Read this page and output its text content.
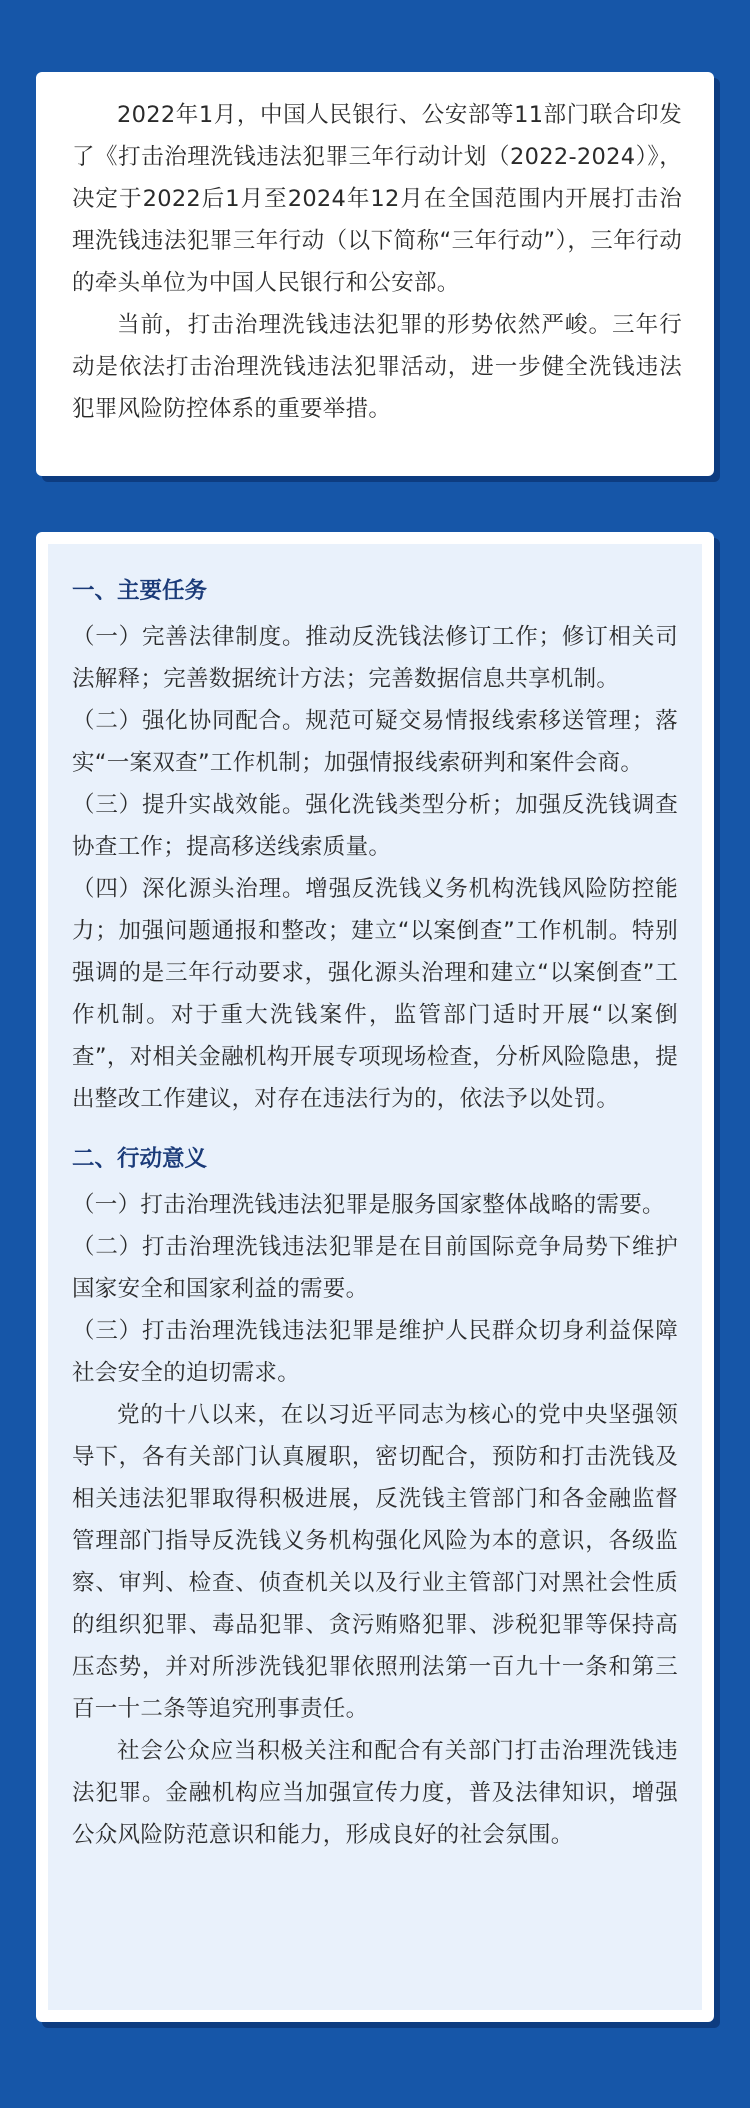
2022年1月，中国人民银行、公安部等11部门联合印发了《打击治理洗钱违法犯罪三年行动计划（2022-2024）》，决定于2022后1月至2024年12月在全国范围内开展打击治理洗钱违法犯罪三年行动（以下简称“三年行动”），三年行动的牵头单位为中国人民银行和公安部。

当前，打击治理洗钱违法犯罪的形势依然严峻。三年行动是依法打击治理洗钱违法犯罪活动，进一步健全洗钱违法 犯罪风险防控体系的重要举措。

一、主要任务

（一）完善法律制度。推动反洗钱法修订工作；修订相关司法解释；完善数据统计方法；完善数据信息共享机制。

（二）强化协同配合。规范可疑交易情报线索移送管理；落实“一案双查”工作机制；加强情报线索研判和案件会商。

（三）提升实战效能。强化洗钱类型分析；加强反洗钱调查协查工作；提高移送线索质量。

（四）深化源头治理。增强反洗钱义务机构洗钱风险防控能力；加强问题通报和整改；建立“以案倒查”工作机制。特别强调的是三年行动要求，强化源头治理和建立“以案倒查”工作机制。对于重大洗钱案件，监管部门适时开展“以案倒查”，对相关金融机构开展专项现场检查，分析风险隐患，提出整改工作建议，对存在违法行为的，依法予以处罚。

二、行动意义

（一）打击治理洗钱违法犯罪是服务国家整体战略的需要。

（二）打击治理洗钱违法犯罪是在目前国际竞争局势下维护国家安全和国家利益的需要。

（三）打击治理洗钱违法犯罪是维护人民群众切身利益保障社会安全的迫切需求。

党的十八以来，在以习近平同志为核心的党中央坚强领导下，各有关部门认真履职，密切配合，预防和打击洗钱及相关违法犯罪取得积极进展，反洗钱主管部门和各金融监督管理部门指导反洗钱义务机构强化风险为本的意识，各级监察、审判、检查、侦查机关以及行业主管部门对黑社会性质的组织犯罪、毒品犯罪、贪污贿赂犯罪、涉税犯罪等保持高压态势，并对所涉洗钱犯罪依照刑法第一百九十一条和第三百一十二条等追究刑事责任。

社会公众应当积极关注和配合有关部门打击治理洗钱违法犯罪。金融机构应当加强宣传力度，普及法律知识，增强公众风险防范意识和能力，形成良好的社会氛围。
